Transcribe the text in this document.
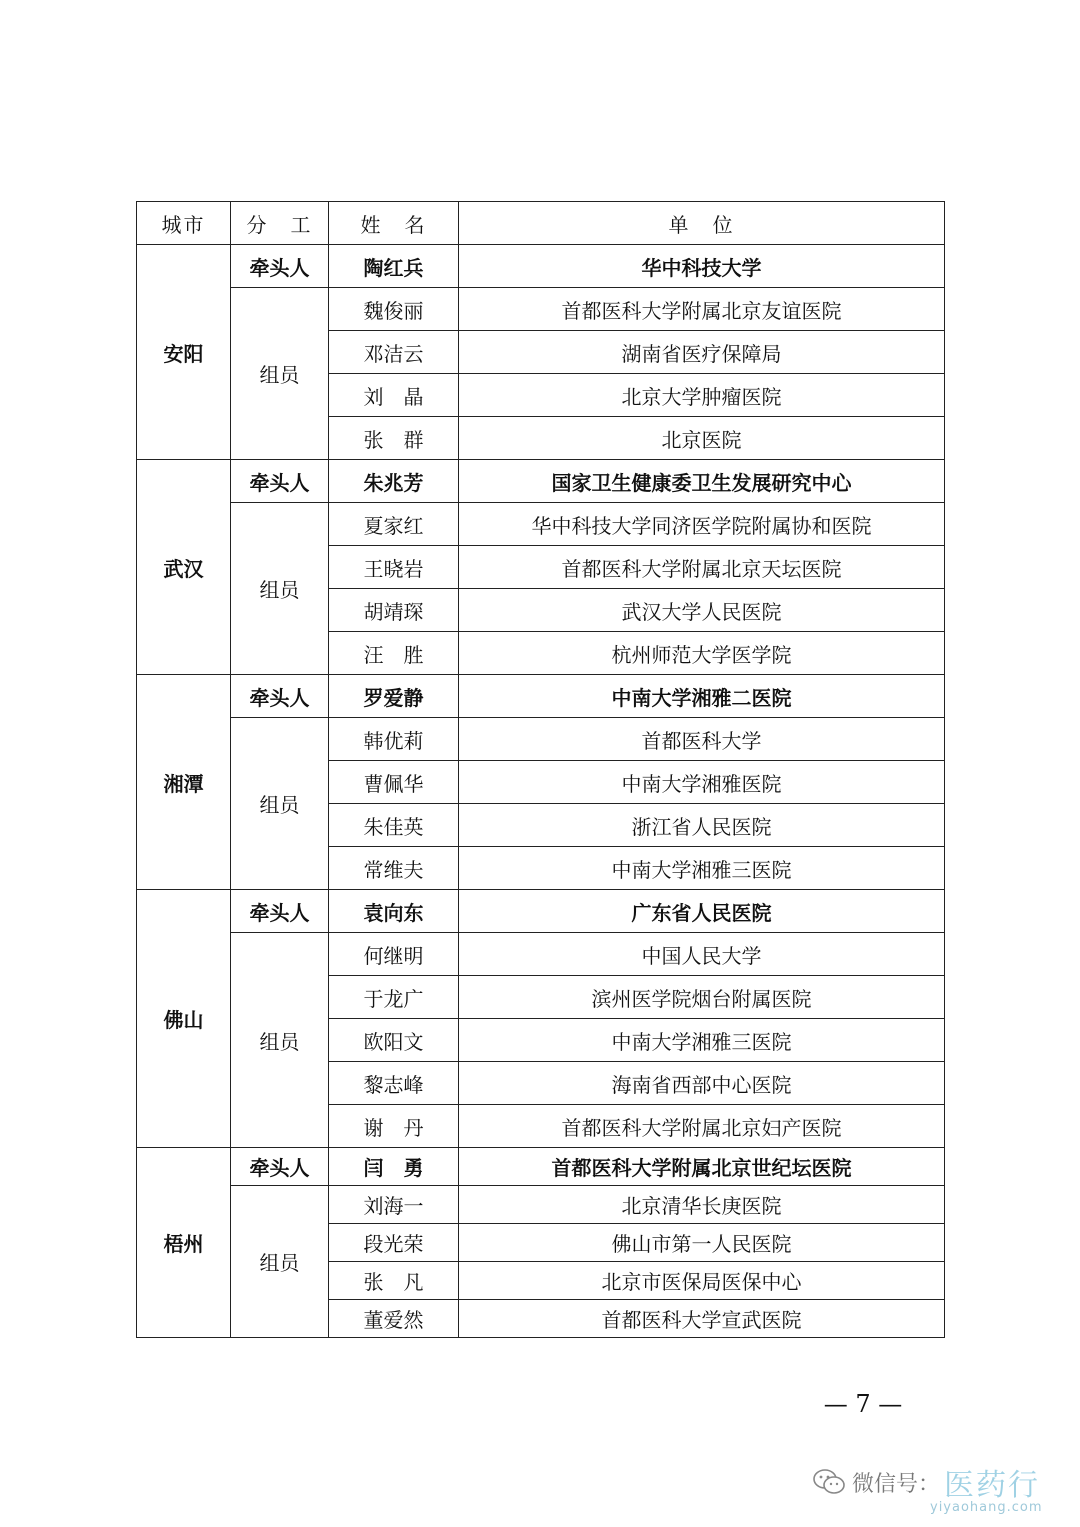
城市	分　工	姓　名	单　位
安阳	牵头人	陶红兵	华中科技大学
	组员	魏俊丽	首都医科大学附属北京友谊医院
		邓洁云	湖南省医疗保障局
		刘　晶	北京大学肿瘤医院
		张　群	北京医院
武汉	牵头人	朱兆芳	国家卫生健康委卫生发展研究中心
	组员	夏家红	华中科技大学同济医学院附属协和医院
		王晓岩	首都医科大学附属北京天坛医院
		胡靖琛	武汉大学人民医院
		汪　胜	杭州师范大学医学院
湘潭	牵头人	罗爱静	中南大学湘雅二医院
	组员	韩优莉	首都医科大学
		曹佩华	中南大学湘雅医院
		朱佳英	浙江省人民医院
		常维夫	中南大学湘雅三医院
佛山	牵头人	袁向东	广东省人民医院
	组员	何继明	中国人民大学
		于龙广	滨州医学院烟台附属医院
		欧阳文	中南大学湘雅三医院
		黎志峰	海南省西部中心医院
		谢　丹	首都医科大学附属北京妇产医院
梧州	牵头人	闫　勇	首都医科大学附属北京世纪坛医院
	组员	刘海一	北京清华长庚医院
		段光荣	佛山市第一人民医院
		张　凡	北京市医保局医保中心
		董爱然	首都医科大学宣武医院
— 7 —
微信号： 医药行
yiyaohang.com
